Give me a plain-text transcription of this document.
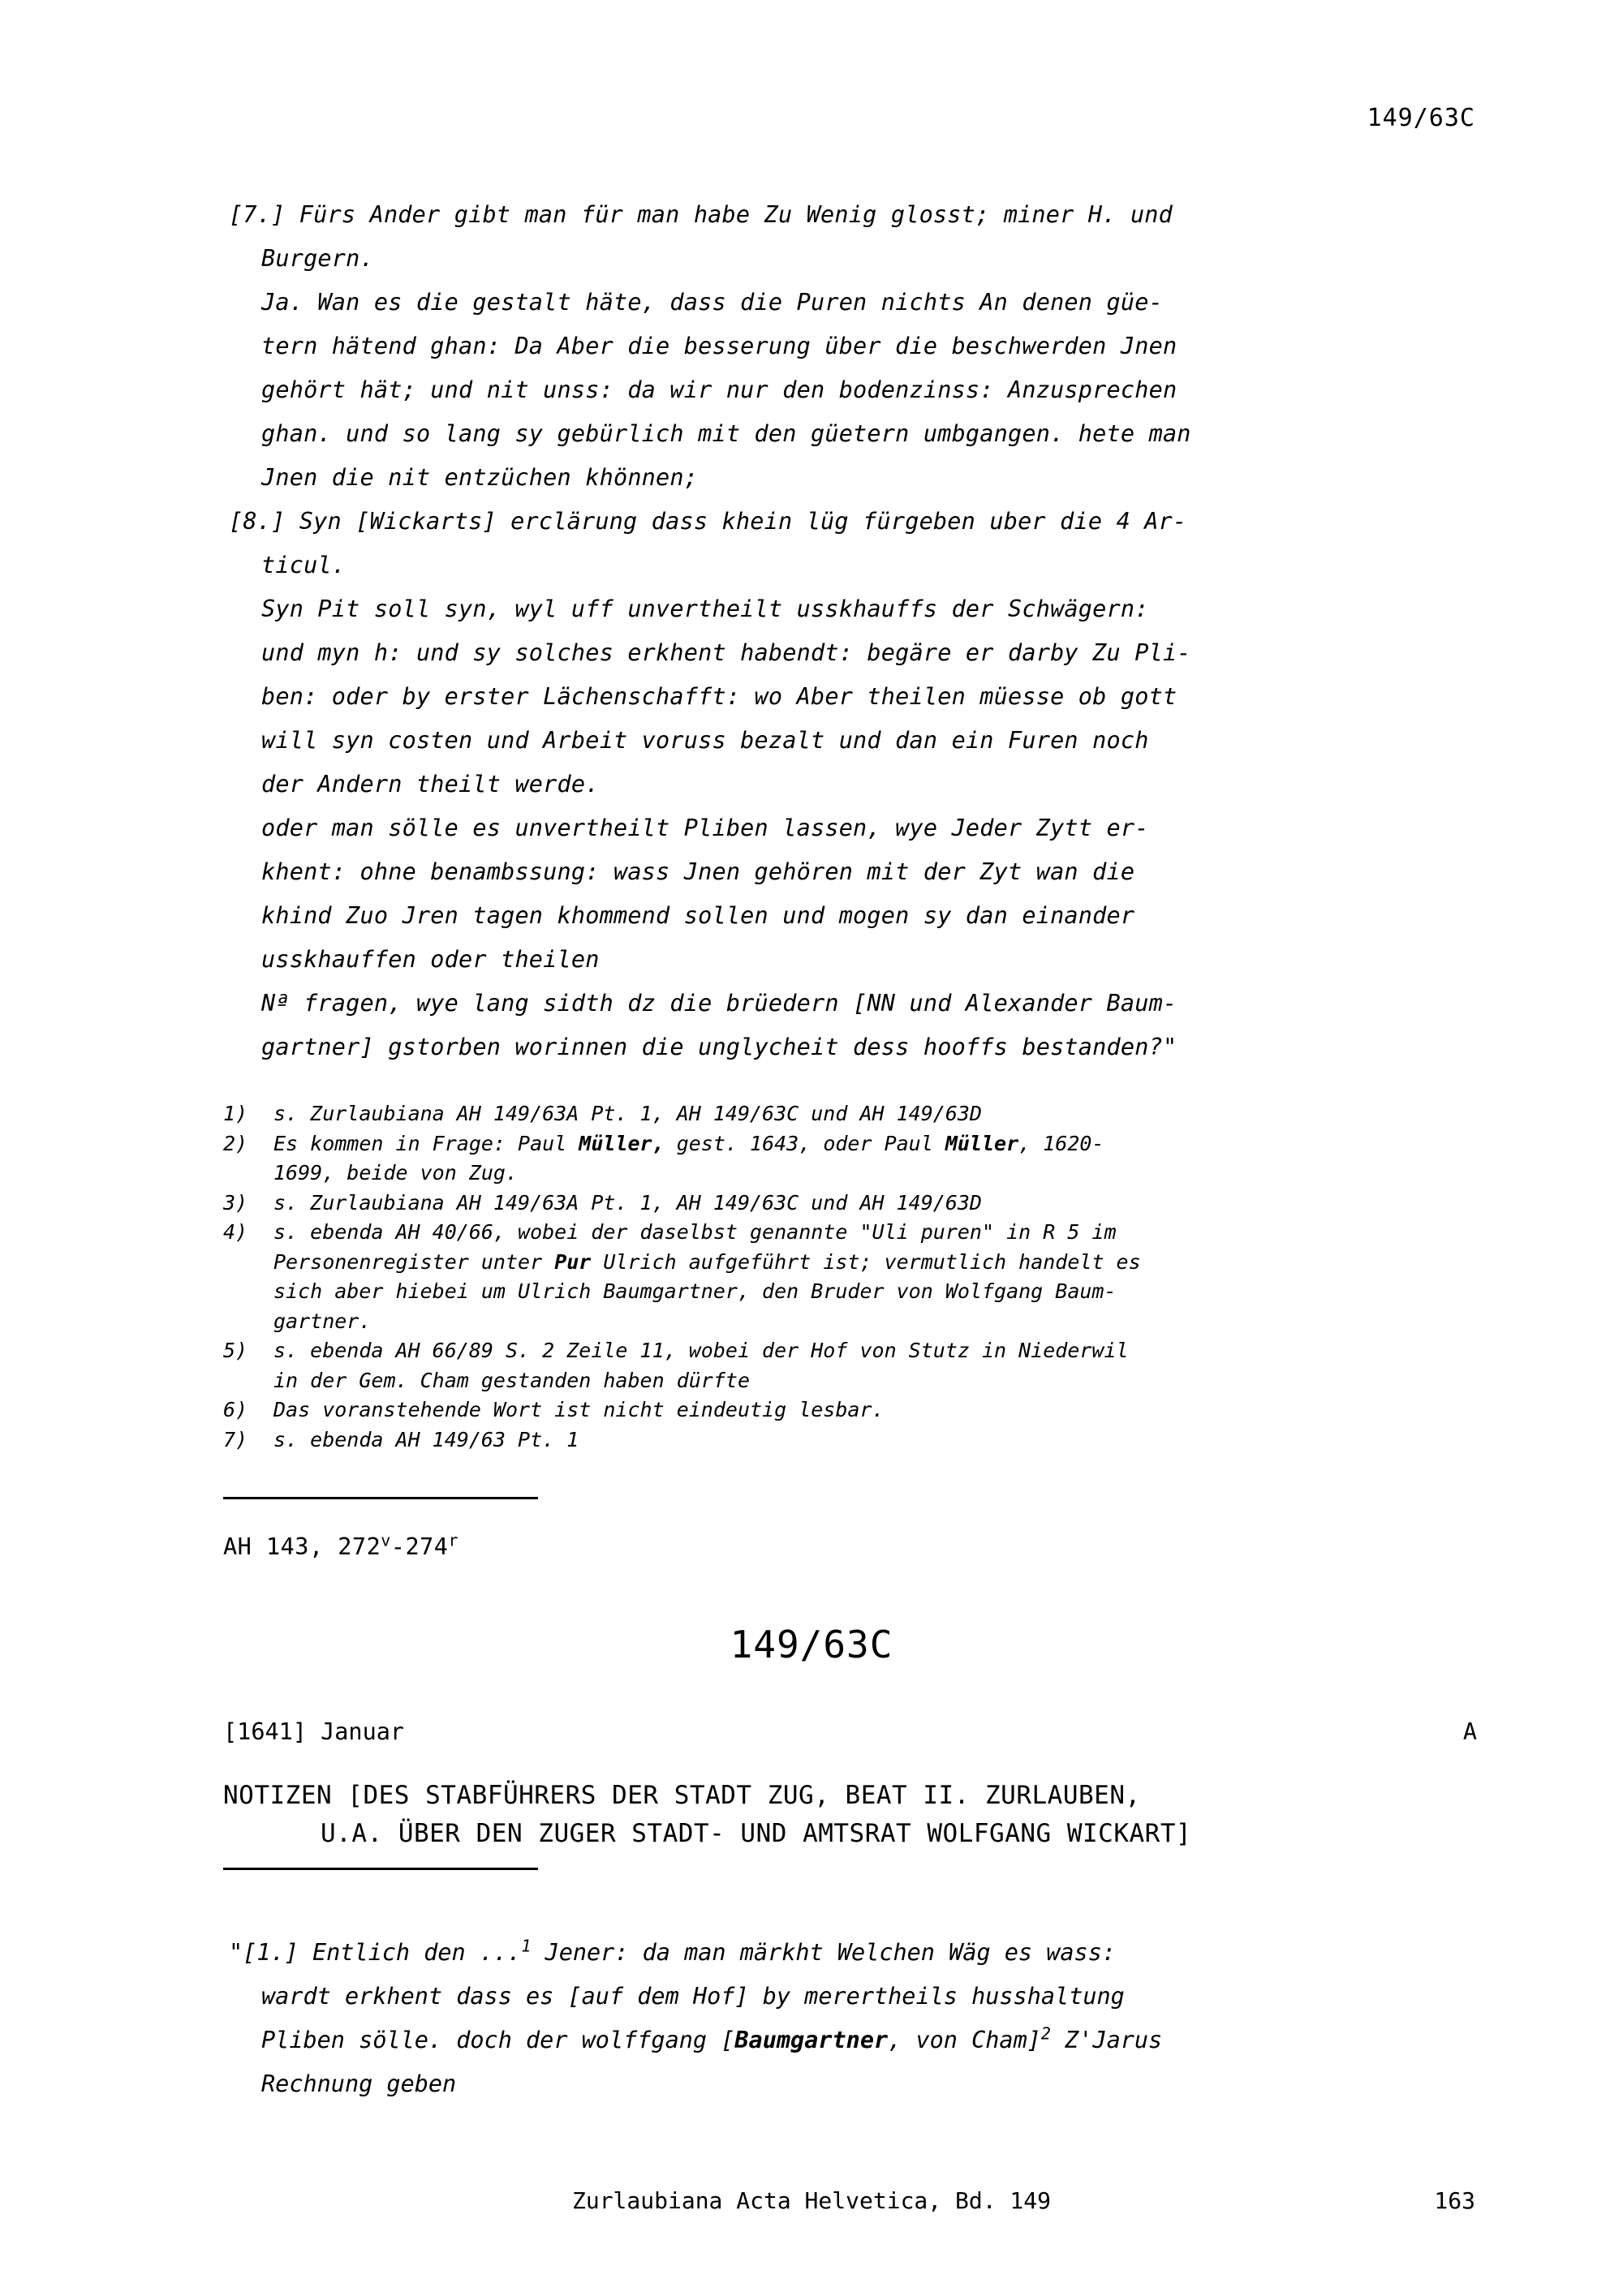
149/63C
[7.] Fürs Ander gibt man für man habe Zu Wenig glosst; miner H. und
Burgern.
Ja. Wan es die gestalt häte, dass die Puren nichts An denen güe-
tern hätend ghan: Da Aber die besserung über die beschwerden Jnen
gehört hät; und nit unss: da wir nur den bodenzinss: Anzusprechen
ghan. und so lang sy gebürlich mit den güetern umbgangen. hete man
Jnen die nit entzüchen khönnen;
[8.] Syn [Wickarts] erclärung dass khein lüg fürgeben uber die 4 Ar-
ticul.
Syn Pit soll syn, wyl uff unvertheilt usskhauffs der Schwägern:
und myn h: und sy solches erkhent habendt: begäre er darby Zu Pli-
ben: oder by erster Lächenschafft: wo Aber theilen müesse ob gott
will syn costen und Arbeit voruss bezalt und dan ein Furen noch
der Andern theilt werde.
oder man sölle es unvertheilt Pliben lassen, wye Jeder Zytt er-
khent: ohne benambssung: wass Jnen gehören mit der Zyt wan die
khind Zuo Jren tagen khommend sollen und mogen sy dan einander
usskhauffen oder theilen
Nª fragen, wye lang sidth dz die brüedern [NN und Alexander Baum-
gartner] gstorben worinnen die unglycheit dess hooffs bestanden?"
1)	s. Zurlaubiana AH 149/63A Pt. 1, AH 149/63C und AH 149/63D
2)	Es kommen in Frage: Paul Müller, gest. 1643, oder Paul Müller, 1620-
1699, beide von Zug.
3)	s. Zurlaubiana AH 149/63A Pt. 1, AH 149/63C und AH 149/63D
4)	s. ebenda AH 40/66, wobei der daselbst genannte "Uli puren" in R 5 im
Personenregister unter Pur Ulrich aufgeführt ist; vermutlich handelt es
sich aber hiebei um Ulrich Baumgartner, den Bruder von Wolfgang Baum-
gartner.
5)	s. ebenda AH 66/89 S. 2 Zeile 11, wobei der Hof von Stutz in Niederwil
in der Gem. Cham gestanden haben dürfte
6)	Das voranstehende Wort ist nicht eindeutig lesbar.
7)	s. ebenda AH 149/63 Pt. 1
AH 143, 272$^v$-274$^r$
149/63C
[1641] Januar	A
NOTIZEN [DES STABFÜHRERS DER STADT ZUG, BEAT II. ZURLAUBEN,
U.A. ÜBER DEN ZUGER STADT- UND AMTSRAT WOLFGANG WICKART]
"[1.] Entlich den ...$^1$ Jener: da man märkht Welchen Wäg es wass:
wardt erkhent dass es [auf dem Hof] by merertheils husshaltung
Pliben sölle. doch der wolffgang [Baumgartner, von Cham]$^2$ Z'Jarus
Rechnung geben
Zurlaubiana Acta Helvetica, Bd. 149	163
